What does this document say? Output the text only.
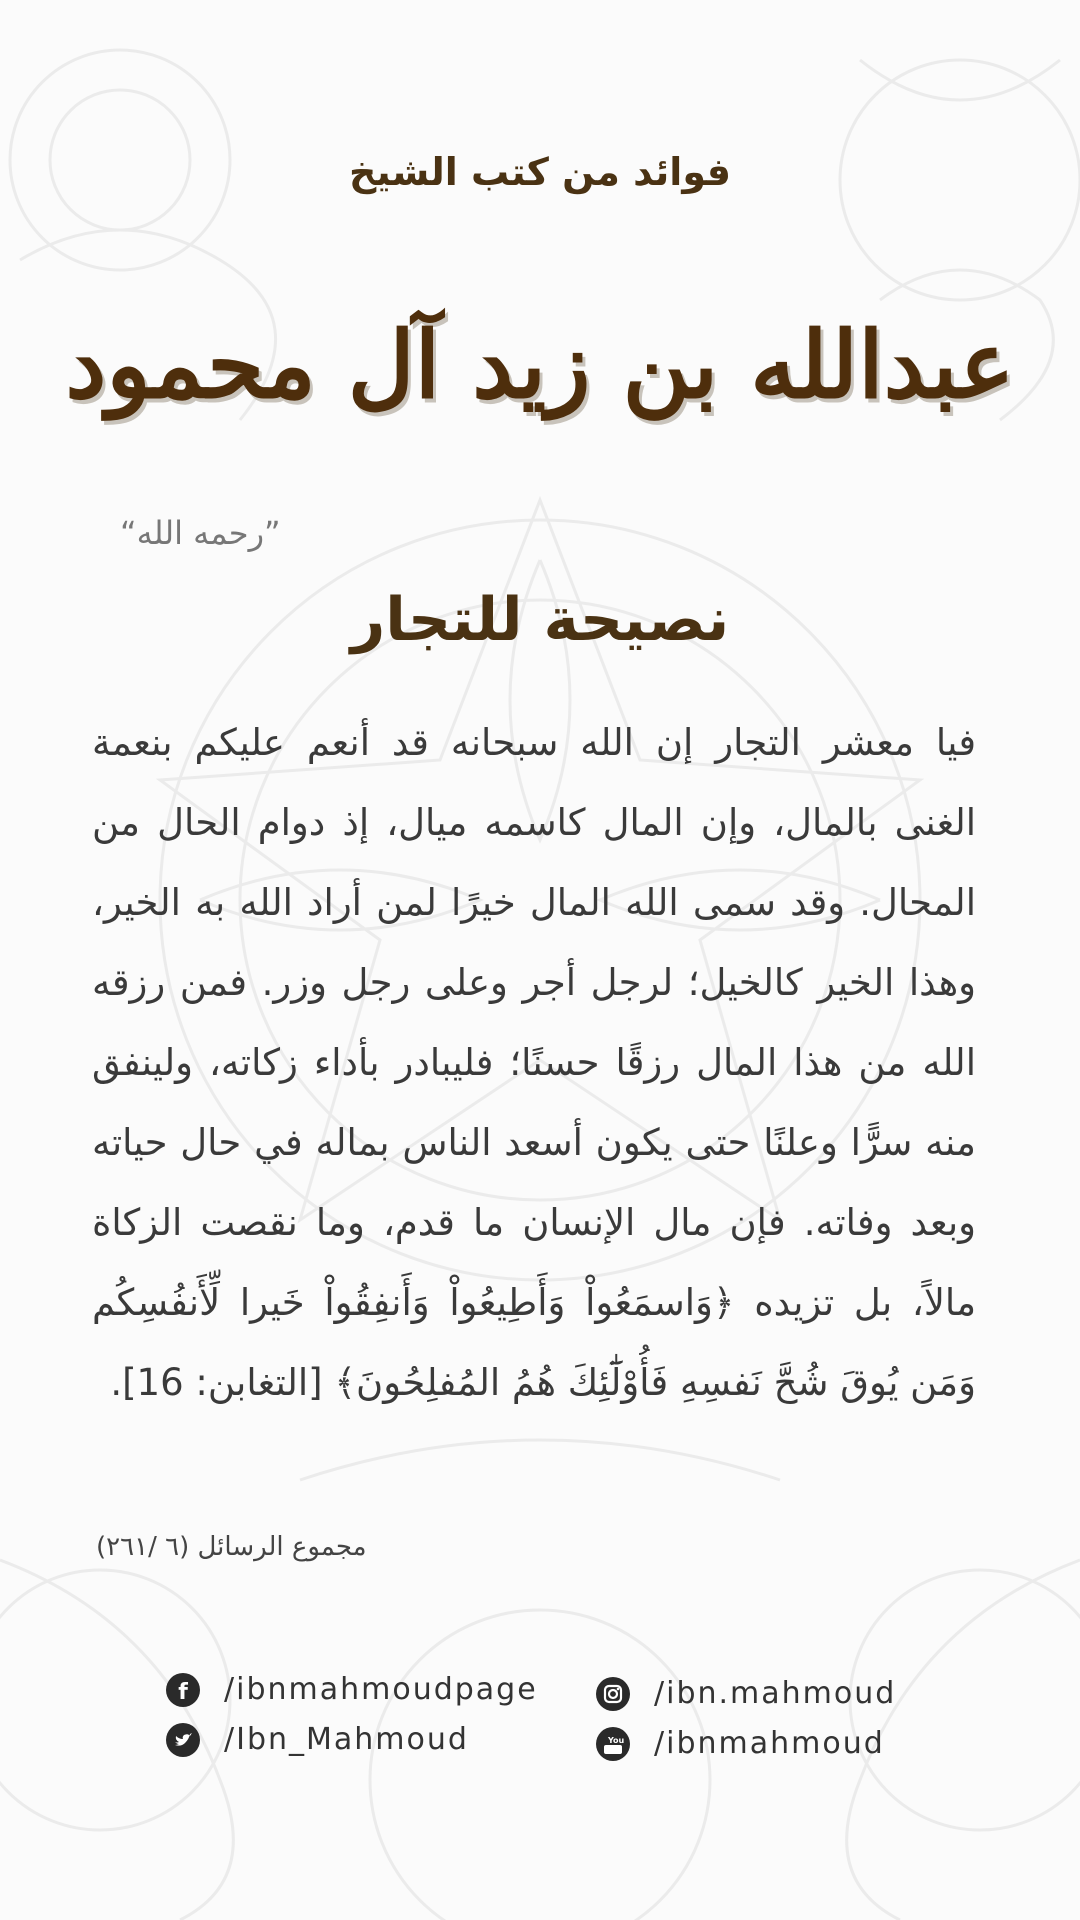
فوائد من كتب الشيخ
عبدالله بن زيد آل محمود
”رحمه الله“
نصيحة للتجار
فيا معشر التجار إن الله سبحانه قد أنعم عليكم بنعمة الغنى بالمال، وإن المال كاسمه ميال، إذ دوام الحال من المحال. وقد سمى الله المال خيرًا لمن أراد الله به الخير، وهذا الخير كالخيل؛ لرجل أجر وعلى رجل وزر. فمن رزقه الله من هذا المال رزقًا حسنًا؛ فليبادر بأداء زكاته، ولينفق منه سرًّا وعلنًا حتى يكون أسعد الناس بماله في حال حياته وبعد وفاته. فإن مال الإنسان ما قدم، وما نقصت الزكاة مالاً، بل تزيده ﴿وَاسمَعُواْ وَأَطِيعُواْ وَأَنفِقُواْ خَيرا لِّأَنفُسِكُم وَمَن يُوقَ شُحَّ نَفسِهِ فَأُوْلَٰٓئِكَ هُمُ المُفلِحُونَ﴾ [التغابن: 16].
مجموع الرسائل (٦ /٢٦١)
f /ibnmahmoudpage
/Ibn_Mahmoud
/ibn.mahmoud
You /ibnmahmoud
